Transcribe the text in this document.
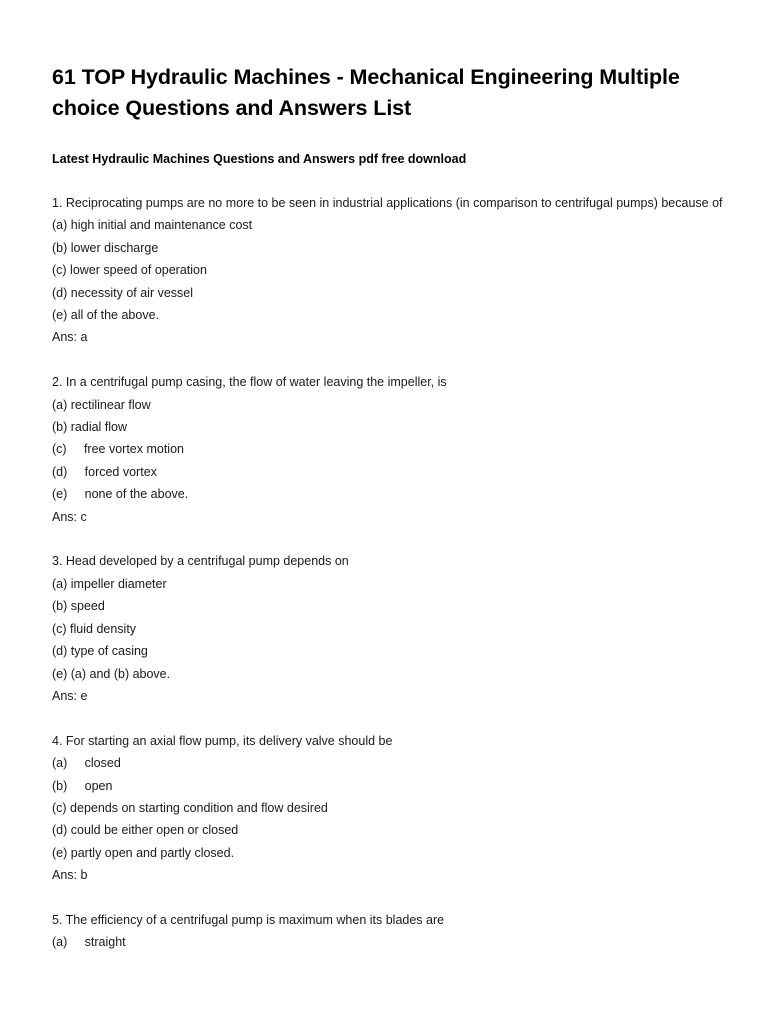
61 TOP Hydraulic Machines - Mechanical Engineering Multiple choice Questions and Answers List
Latest Hydraulic Machines Questions and Answers pdf free download
1. Reciprocating pumps are no more to be seen in industrial applications (in comparison to centrifugal pumps) because of
(a) high initial and maintenance cost
(b) lower discharge
(c) lower speed of operation
(d) necessity of air vessel
(e) all of the above.
Ans: a
2. In a centrifugal pump casing, the flow of water leaving the impeller, is
(a) rectilinear flow
(b) radial flow
(c)     free vortex motion
(d)     forced vortex
(e)     none of the above.
Ans: c
3. Head developed by a centrifugal pump depends on
(a) impeller diameter
(b) speed
(c) fluid density
(d) type of casing
(e) (a) and (b) above.
Ans: e
4. For starting an axial flow pump, its delivery valve should be
(a)     closed
(b)     open
(c) depends on starting condition and flow desired
(d) could be either open or closed
(e) partly open and partly closed.
Ans: b
5. The efficiency of a centrifugal pump is maximum when its blades are
(a)     straight
